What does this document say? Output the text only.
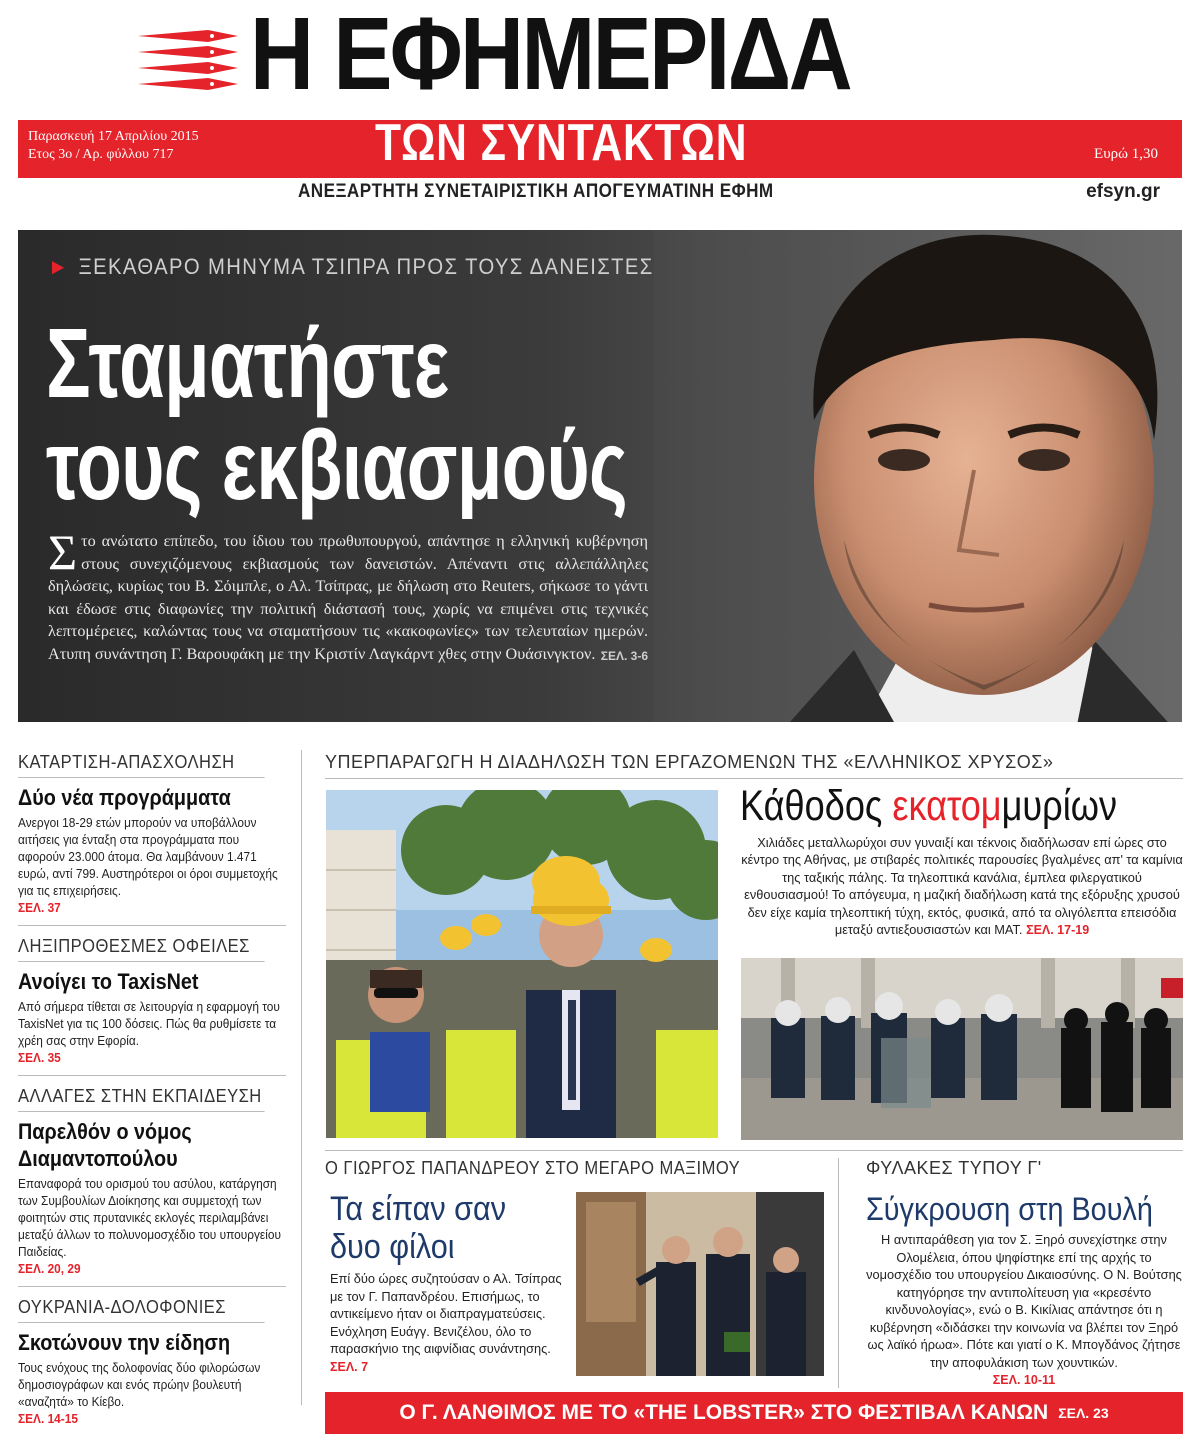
Η ΕΦΗΜΕΡΙΔΑ
Παρασκευή 17 Απριλίου 2015
Ετος 3ο / Αρ. φύλλου 717	ΤΩΝ ΣΥΝΤΑΚΤΩΝ	Ευρώ 1,30
ΑΝΕΞΑΡΤΗΤΗ ΣΥΝΕΤΑΙΡΙΣΤΙΚΗ ΑΠΟΓΕΥΜΑΤΙΝΗ ΕΦΗΜ	efsyn.gr
► ΞΕΚΑΘΑΡΟ ΜΗΝΥΜΑ ΤΣΙΠΡΑ ΠΡΟΣ ΤΟΥΣ ΔΑΝΕΙΣΤΕΣ
Σταματήστε
τους εκβιασμούς
Στο ανώτατο επίπεδο, του ίδιου του πρωθυπουργού, απάντησε η ελληνική κυβέρνηση στους συνεχιζόμενους εκβιασμούς των δανειστών. Απέναντι στις αλλεπάλληλες δηλώσεις, κυρίως του Β. Σόιμπλε, ο Αλ. Τσίπρας, με δήλωση στο Reuters, σήκωσε το γάντι και έδωσε στις διαφωνίες την πολιτική διάστασή τους, χωρίς να επιμένει στις τεχνικές λεπτομέρειες, καλώντας τους να σταματήσουν τις «κακοφωνίες» των τελευταίων ημερών. Ατυπη συνάντηση Γ. Βαρουφάκη με την Κριστίν Λαγκάρντ χθες στην Ουάσινγκτον. ΣΕΛ. 3-6
ΚΑΤΑΡΤΙΣΗ-ΑΠΑΣΧΟΛΗΣΗ
Δύο νέα προγράμματα
Ανεργοι 18-29 ετών μπορούν να υποβάλλουν αιτήσεις για ένταξη στα προγράμματα που αφορούν 23.000 άτομα. Θα λαμβάνουν 1.471 ευρώ, αντί 799. Αυστηρότεροι οι όροι συμμετοχής για τις επιχειρήσεις.
ΣΕΛ. 37
ΛΗΞΙΠΡΟΘΕΣΜΕΣ ΟΦΕΙΛΕΣ
Ανοίγει το TaxisNet
Από σήμερα τίθεται σε λειτουργία η εφαρμογή του TaxisNet για τις 100 δόσεις. Πώς θα ρυθμίσετε τα χρέη σας στην Εφορία.
ΣΕΛ. 35
ΑΛΛΑΓΕΣ ΣΤΗΝ ΕΚΠΑΙΔΕΥΣΗ
Παρελθόν ο νόμος Διαμαντοπούλου
Επαναφορά του ορισμού του ασύλου, κατάργηση των Συμβουλίων Διοίκησης και συμμετοχή των φοιτητών στις πρυτανικές εκλογές περιλαμβάνει μεταξύ άλλων το πολυνομοσχέδιο του υπουργείου Παιδείας.
ΣΕΛ. 20, 29
ΟΥΚΡΑΝΙΑ-ΔΟΛΟΦΟΝΙΕΣ
Σκοτώνουν την είδηση
Τους ενόχους της δολοφονίας δύο φιλορώσων δημοσιογράφων και ενός πρώην βουλευτή «αναζητά» το Κίεβο.
ΣΕΛ. 14-15
ΥΠΕΡΠΑΡΑΓΩΓΗ Η ΔΙΑΔΗΛΩΣΗ ΤΩΝ ΕΡΓΑΖΟΜΕΝΩΝ ΤΗΣ «ΕΛΛΗΝΙΚΟΣ ΧΡΥΣΟΣ»
Κάθοδος εκατομμυρίων
Χιλιάδες μεταλλωρύχοι συν γυναιξί και τέκνοις διαδήλωσαν επί ώρες στο κέντρο της Αθήνας, με στιβαρές πολιτικές παρουσίες βγαλμένες απ' τα καμίνια της ταξικής πάλης. Τα τηλεοπτικά κανάλια, έμπλεα φιλεργατικού ενθουσιασμού! Το απόγευμα, η μαζική διαδήλωση κατά της εξόρυξης χρυσού δεν είχε καμία τηλεοπτική τύχη, εκτός, φυσικά, από τα ολιγόλεπτα επεισόδια μεταξύ αντιεξουσιαστών και ΜΑΤ. ΣΕΛ. 17-19
Ο ΓΙΩΡΓΟΣ ΠΑΠΑΝΔΡΕΟΥ ΣΤΟ ΜΕΓΑΡΟ ΜΑΞΙΜΟΥ
Τα είπαν σαν
δυο φίλοι
Επί δύο ώρες συζητούσαν ο Αλ. Τσίπρας με τον Γ. Παπανδρέου. Επισήμως, το αντικείμενο ήταν οι διαπραγματεύσεις. Ενόχληση Ευάγγ. Βενιζέλου, όλο το παρασκήνιο της αιφνίδιας συνάντησης.
ΣΕΛ. 7
ΦΥΛΑΚΕΣ ΤΥΠΟΥ Γ'
Σύγκρουση στη Βουλή
Η αντιπαράθεση για τον Σ. Ξηρό συνεχίστηκε στην Ολομέλεια, όπου ψηφίστηκε επί της αρχής το νομοσχέδιο του υπουργείου Δικαιοσύνης. Ο Ν. Βούτσης κατηγόρησε την αντιπολίτευση για «κρεσέντο κινδυνολογίας», ενώ ο Β. Κικίλιας απάντησε ότι η κυβέρνηση «διδάσκει την κοινωνία να βλέπει τον Ξηρό ως λαϊκό ήρωα». Πότε και γιατί ο Κ. Μπογδάνος ζήτησε την αποφυλάκιση των χουντικών.
ΣΕΛ. 10-11
Ο Γ. ΛΑΝΘΙΜΟΣ ΜΕ ΤΟ «THE LOBSTER» ΣΤΟ ΦΕΣΤΙΒΑΛ ΚΑΝΩΝ ΣΕΛ. 23
